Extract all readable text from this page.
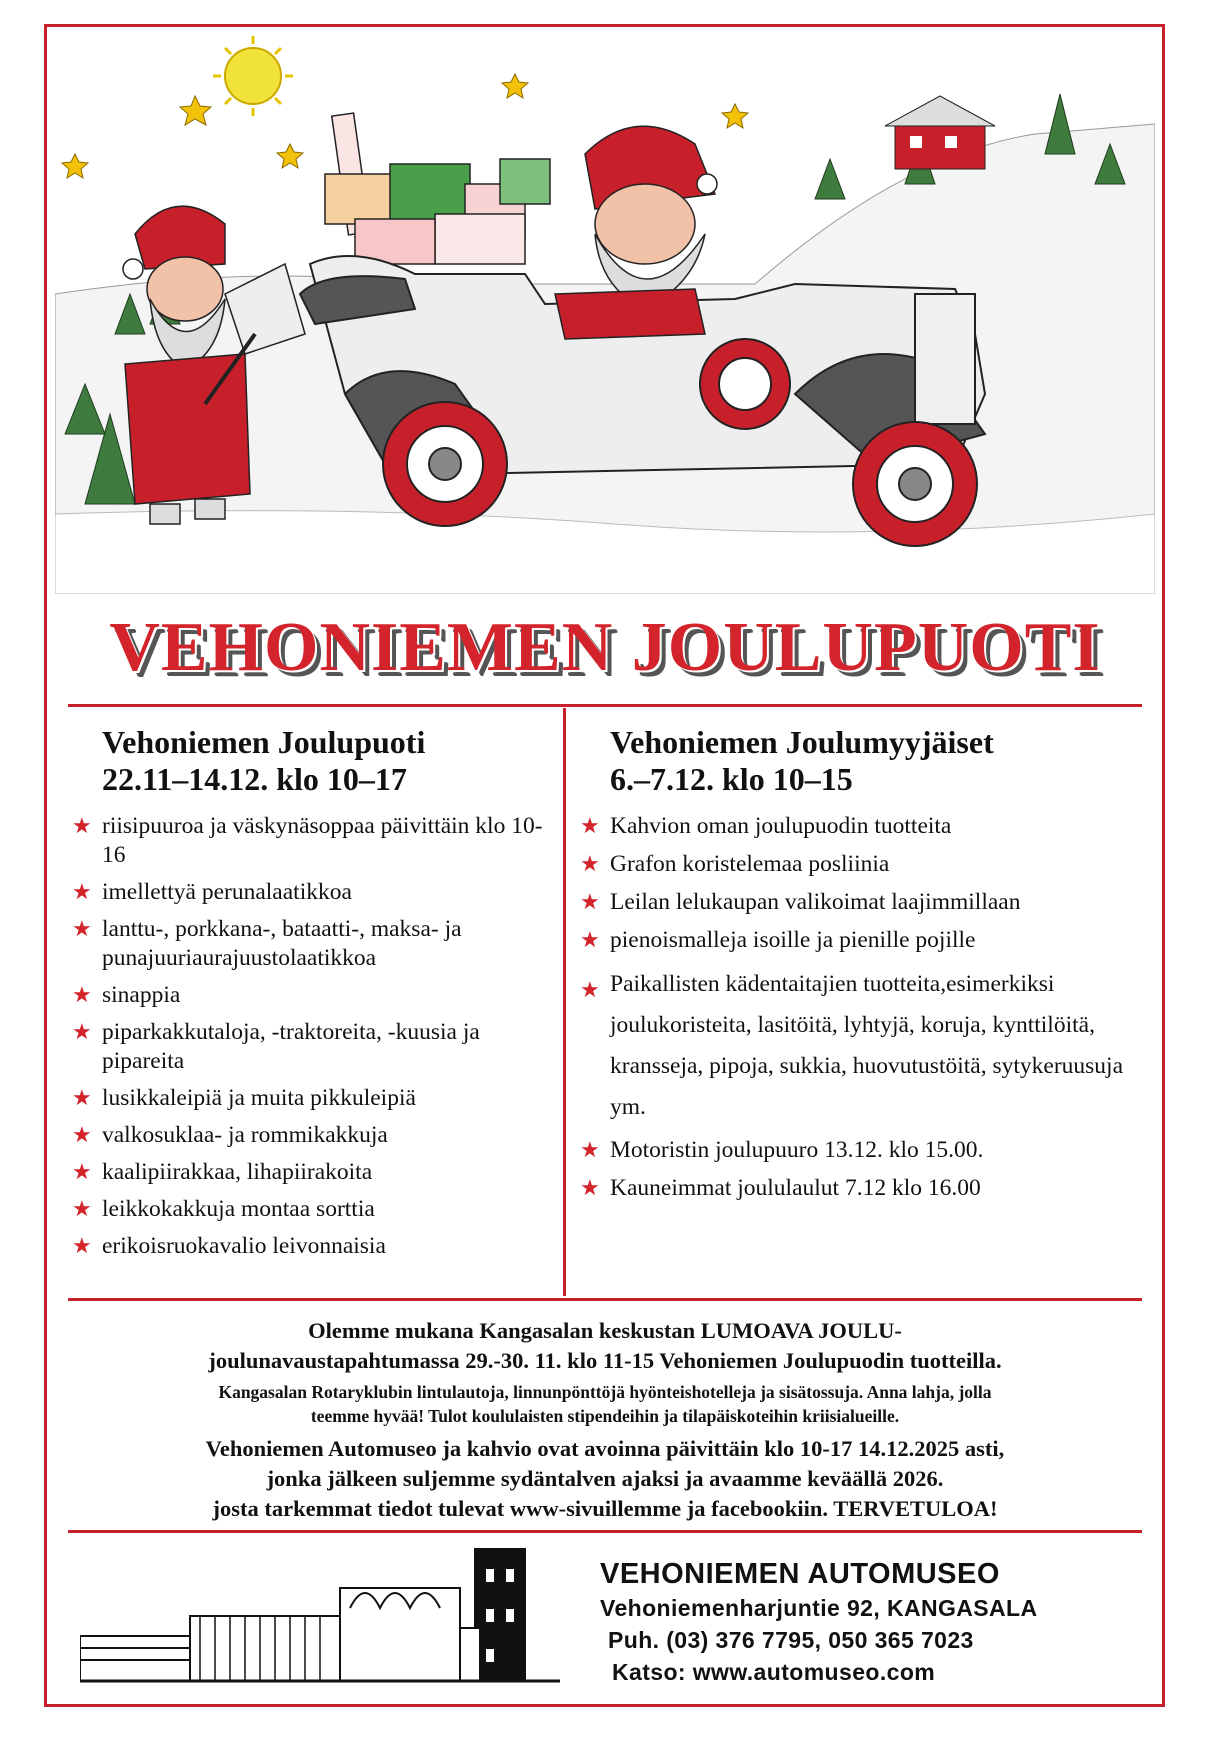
VEHONIEMEN JOULUPUOTI
Vehoniemen Joulupuoti
22.11–14.12. klo 10–17
★ riisipuuroa ja väskynäsoppaa päivittäin klo 10-16
★ imellettyä perunalaatikkoa
★ lanttu-, porkkana-, bataatti-, maksa- ja punajuuriaurajuustolaatikkoa
★ sinappia
★ piparkakkutaloja, -traktoreita, -kuusia ja pipareita
★ lusikkaleipiä ja muita pikkuleipiä
★ valkosuklaa- ja rommikakkuja
★ kaalipiirakkaa, lihapiirakoita
★ leikkokakkuja montaa sorttia
★ erikoisruokavalio leivonnaisia
Vehoniemen Joulumyyjäiset
6.–7.12. klo 10–15
★ Kahvion oman joulupuodin tuotteita
★ Grafon koristelemaa posliinia
★ Leilan lelukaupan valikoimat laajimmillaan
★ pienoismalleja isoille ja pienille pojille
★ Paikallisten kädentaitajien tuotteita,esimerkiksi joulukoristeita, lasitöitä, lyhtyjä, koruja, kynttilöitä, kransseja, pipoja, sukkia, huovutustöitä, sytykeruusuja ym.
★ Motoristin joulupuuro 13.12. klo 15.00.
★ Kauneimmat joululaulut 7.12 klo 16.00
Olemme mukana Kangasalan keskustan LUMOAVA JOULU-
joulunavaustapahtumassa 29.-30. 11. klo 11-15 Vehoniemen Joulupuodin tuotteilla.
Kangasalan Rotaryklubin lintulautoja, linnunpönttöjä hyönteishotelleja ja sisätossuja. Anna lahja, jolla
teemme hyvää! Tulot koululaisten stipendeihin ja tilapäiskoteihin kriisialueille.
Vehoniemen Automuseo ja kahvio ovat avoinna päivittäin klo 10-17 14.12.2025 asti,
jonka jälkeen suljemme sydäntalven ajaksi ja avaamme keväällä 2026.
josta tarkemmat tiedot tulevat www-sivuillemme ja facebookiin. TERVETULOA!
VEHONIEMEN AUTOMUSEO
Vehoniemenharjuntie 92, KANGASALA
Puh. (03) 376 7795, 050 365 7023
Katso: www.automuseo.com
